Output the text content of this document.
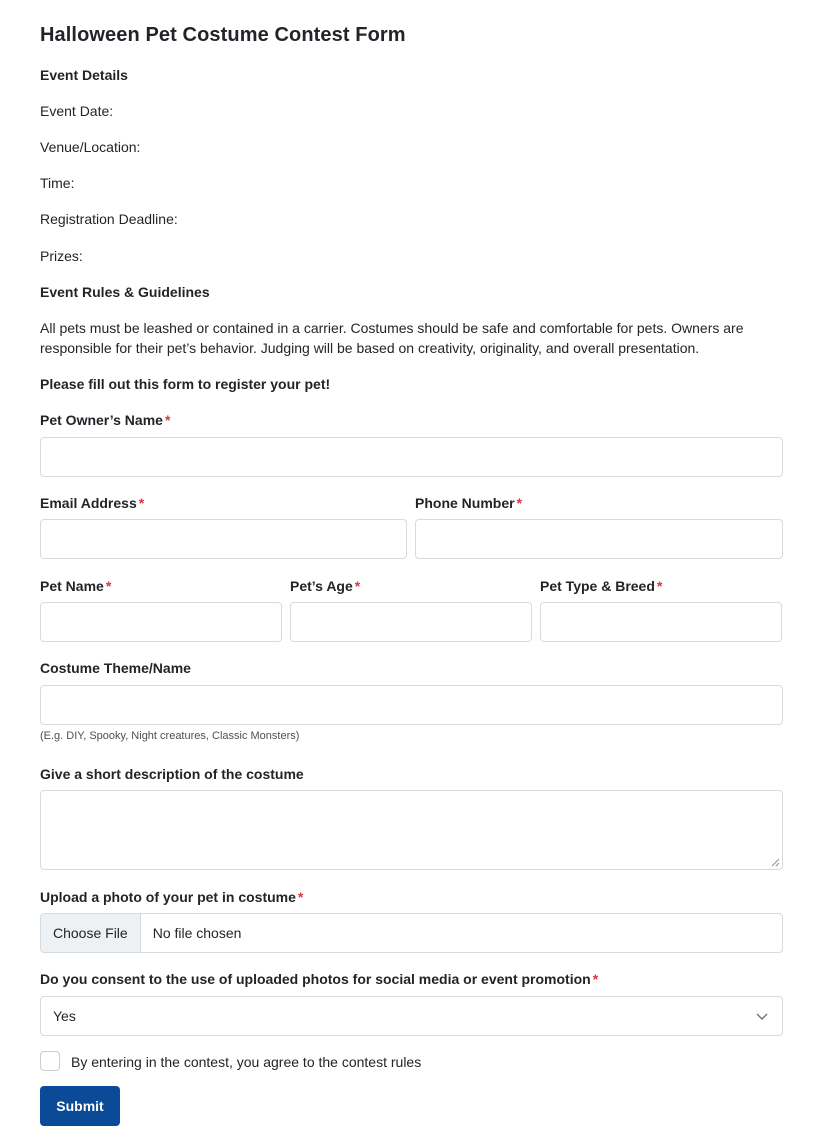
Halloween Pet Costume Contest Form
Event Details
Event Date:
Venue/Location:
Time:
Registration Deadline:
Prizes:
Event Rules & Guidelines
All pets must be leashed or contained in a carrier. Costumes should be safe and comfortable for pets. Owners are responsible for their pet’s behavior. Judging will be based on creativity, originality, and overall presentation.
Please fill out this form to register your pet!
Pet Owner’s Name *
Email Address *	Phone Number *
Pet Name *	Pet’s Age *	Pet Type & Breed *
Costume Theme/Name
(E.g. DIY, Spooky, Night creatures, Classic Monsters)
Give a short description of the costume
Upload a photo of your pet in costume *
Choose File	No file chosen
Do you consent to the use of uploaded photos for social media or event promotion *
Yes
By entering in the contest, you agree to the contest rules
Submit
